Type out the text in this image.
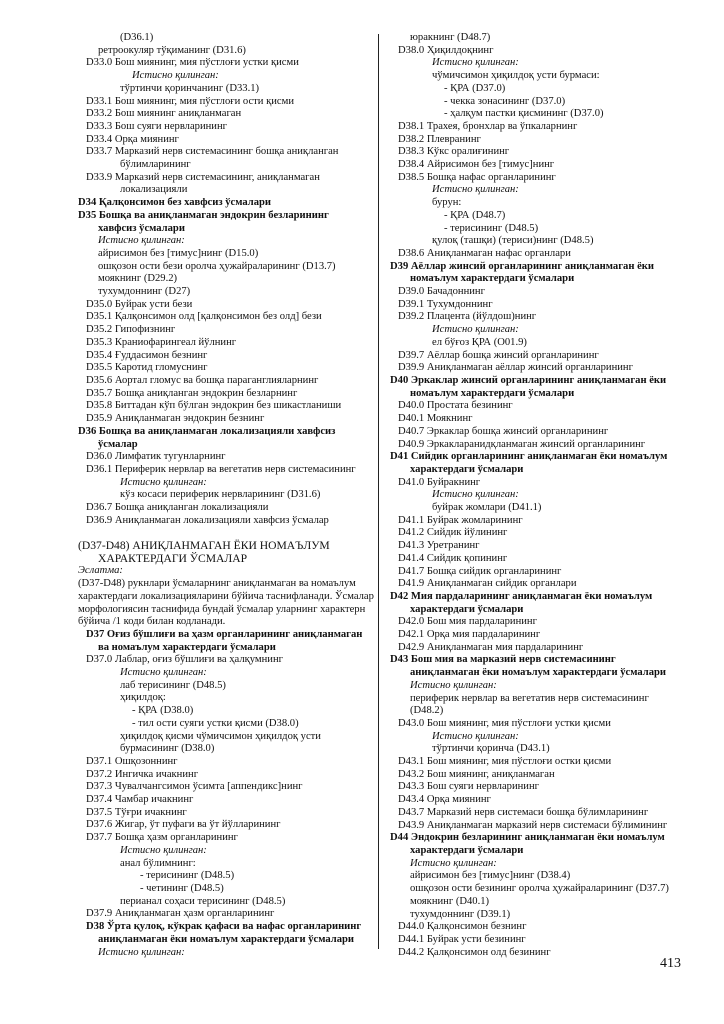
(D36.1)
ретроокуляр тўқиманинг (D31.6)
D33.0 Бош миянинг, мия пўстлоғи устки қисми
Истисно қилинган:
тўртинчи қоринчанинг (D33.1)
D33.1 Бош миянинг, мия пўстлоғи ости қисми
D33.2 Бош миянинг аниқланмаган
D33.3 Бош суяги нервларининг
D33.4 Орқа миянинг
D33.7 Марказий нерв системасининг бошқа аниқланган
бўлимларининг
D33.9 Марказий нерв системасининг, аниқланмаган
локализацияли
D34 Қалқонсимон без хавфсиз ўсмалари
D35 Бошқа ва аниқланмаган эндокрин безларининг
хавфсиз ўсмалари
Истисно қилинган:
айрисимон без [тимус]нинг (D15.0)
ошқозон ости бези оролча ҳужайраларининг (D13.7)
моякнинг (D29.2)
тухумдоннинг (D27)
D35.0 Буйрак усти бези
D35.1 Қалқонсимон олд [қалқонсимон без олд] бези
D35.2 Гипофизнинг
D35.3 Краниофарингеал йўлнинг
D35.4 Ғуддасимон безнинг
D35.5 Каротид гломуснинг
D35.6 Аортал гломус ва бошқа параганглияларнинг
D35.7 Бошқа аниқланган эндокрин безларнинг
D35.8 Биттадан кўп бўлган эндокрин без шикастланиши
D35.9 Аниқланмаган эндокрин безнинг
D36 Бошқа ва аниқланмаган локализацияли хавфсиз
ўсмалар
D36.0 Лимфатик тугунларнинг
D36.1 Периферик нервлар ва вегетатив нерв системасининг
Истисно қилинган:
кўз косаси периферик нервларининг (D31.6)
D36.7 Бошқа аниқланган локализацияли
D36.9 Аниқланмаган локализацияли хавфсиз ўсмалар
(D37-D48) АНИҚЛАНМАГАН ЁКИ НОМАЪЛУМ
ХАРАКТЕРДАГИ ЎСМАЛАР
Эслатма:
(D37-D48) рукнлари ўсмаларнинг аниқланмаган ва номаълум
характердаги локализацияларини бўйича таснифланади. Ўсмалар
морфологиясин таснифида бундай ўсмалар уларнинг характерн
бўйича /1 коди билан кодланади.
D37 Оғиз бўшлиғи ва ҳазм органларининг аниқланмаган
ва номаълум характердаги ўсмалари
D37.0 Лаблар, оғиз бўшлиғи ва ҳалқумнинг
Истисно қилинган:
лаб терисининг (D48.5)
ҳиқилдоқ:
- ҚРА (D38.0)
- тил ости суяги устки қисми (D38.0)
ҳиқилдоқ қисми чўмичсимон ҳиқилдоқ усти
бурмасининг (D38.0)
D37.1 Ошқозоннинг
D37.2 Ингичка ичакнинг
D37.3 Чувалчангсимон ўсимта [аппендикс]нинг
D37.4 Чамбар ичакнинг
D37.5 Тўғри ичакнинг
D37.6 Жигар, ўт пуфаги ва ўт йўлларининг
D37.7 Бошқа ҳазм органларининг
Истисно қилинган:
анал бўлимнинг:
- терисининг (D48.5)
- четининг (D48.5)
перианал соҳаси терисининг (D48.5)
D37.9 Аниқланмаган ҳазм органларининг
D38 Ўрта қулоқ, кўкрак қафаси ва нафас органларининг
аниқланмаган ёки номаълум характердаги ўсмалари
Истисно қилинган:
юракнинг (D48.7)
D38.0 Ҳиқилдоқнинг
Истисно қилинган:
чўмичсимон ҳиқилдоқ усти бурмаси:
- ҚРА (D37.0)
- чекка зонасининг (D37.0)
- ҳалқум пастки қисмининг (D37.0)
D38.1 Трахея, бронхлар ва ўпкаларнинг
D38.2 Плевранинг
D38.3 Кўкс оралиғининг
D38.4 Айрисимон без [тимус]нинг
D38.5 Бошқа нафас органларининг
Истисно қилинган:
бурун:
- ҚРА (D48.7)
- терисининг (D48.5)
қулоқ (ташқи) (териси)нинг (D48.5)
D38.6 Аниқланмаган нафас органлари
D39 Аёллар жинсий органларининг аниқланмаган ёки
номаълум характердаги ўсмалари
D39.0 Бачадоннинг
D39.1 Тухумдоннинг
D39.2 Плацента (йўлдош)нинг
Истисно қилинган:
ел бўғоз ҚРА (O01.9)
D39.7 Аёллар бошқа жинсий органларининг
D39.9 Аниқланмаган аёллар жинсий органларининг
D40 Эркаклар жинсий органларининг аниқланмаган ёки
номаълум характердаги ўсмалари
D40.0 Простата безининг
D40.1 Моякнинг
D40.7 Эркаклар бошқа жинсий органларининг
D40.9 Эркакларанидқланмаган жинсий органларининг
D41 Сийдик органларининг аниқланмаган ёки номаълум
характердаги ўсмалари
D41.0 Буйракнинг
Истисно қилинган:
буйрак жомлари (D41.1)
D41.1 Буйрак жомларининг
D41.2 Сийдик йўлининг
D41.3 Уретранинг
D41.4 Сийдик қопининг
D41.7 Бошқа сийдик органларининг
D41.9 Аниқланмаган сийдик органлари
D42 Мия пардаларининг аниқланмаган ёки номаълум
характердаги ўсмалари
D42.0 Бош мия пардаларининг
D42.1 Орқа мия пардаларининг
D42.9 Аниқланмаган мия пардаларининг
D43 Бош мия ва марказий нерв системасининг
аниқланмаган ёки номаълум характердаги ўсмалари
Истисно қилинган:
периферик нервлар ва вегетатив нерв системасининг
(D48.2)
D43.0 Бош миянинг, мия пўстлоғи устки қисми
Истисно қилинган:
тўртинчи қоринча (D43.1)
D43.1 Бош миянинг, мия пўстлоғи остки қисми
D43.2 Бош миянинг, аниқланмаган
D43.3 Бош суяги нервларининг
D43.4 Орқа миянинг
D43.7 Марказий нерв системаси бошқа бўлимларининг
D43.9 Аниқланмаган марказий нерв системаси бўлимининг
D44 Эндокрин безларининг аниқланмаган ёки номаълум
характердаги ўсмалари
Истисно қилинган:
айрисимон без [тимус]нинг (D38.4)
ошқозон ости безининг оролча ҳужайраларининг (D37.7)
моякнинг (D40.1)
тухумдоннинг (D39.1)
D44.0 Қалқонсимон безнинг
D44.1 Буйрак усти безининг
D44.2 Қалқонсимон олд безининг
413
